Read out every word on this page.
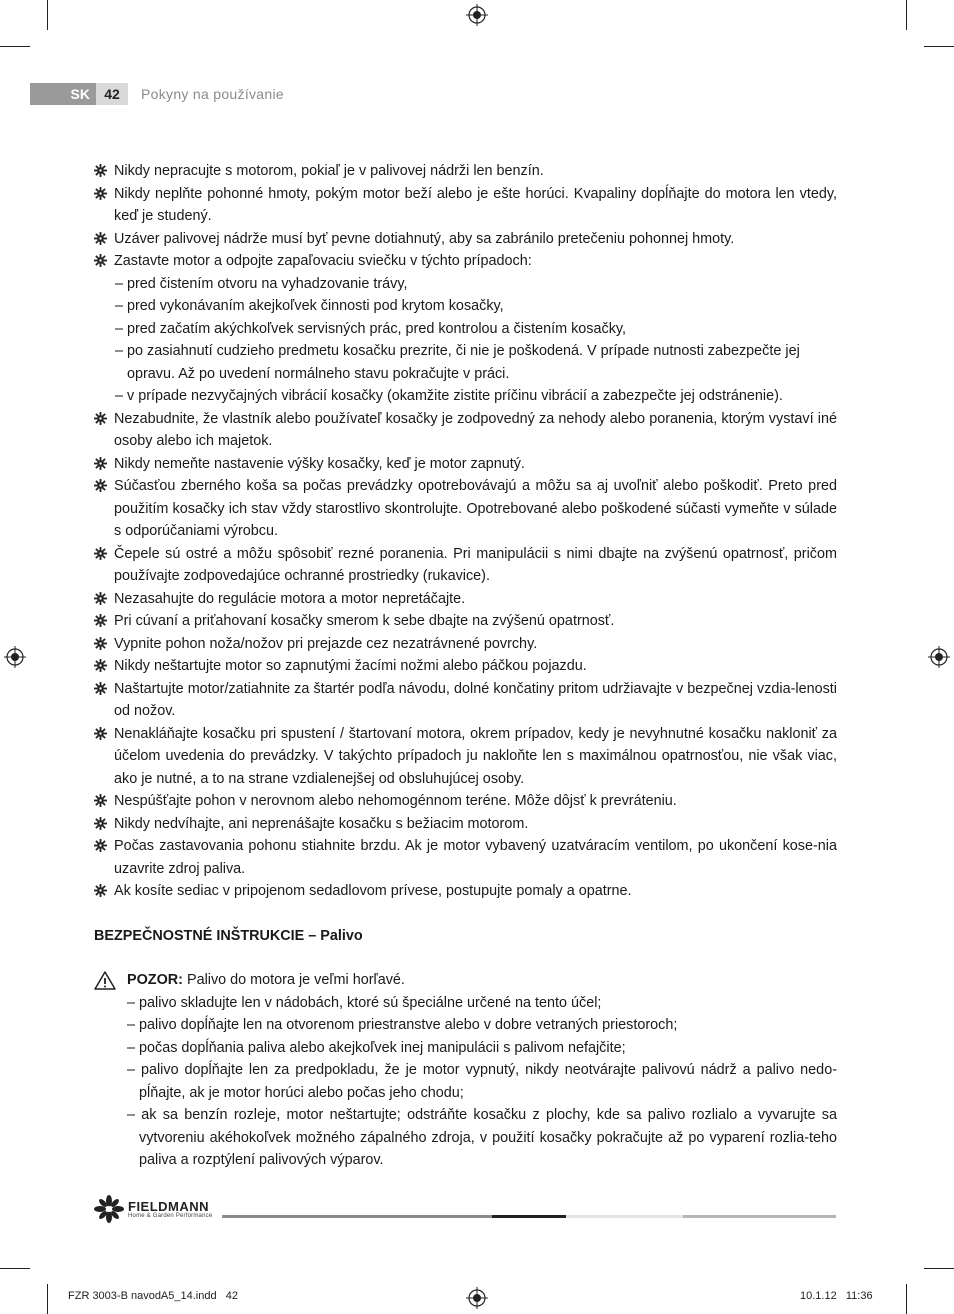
SK	42	Pokyny na používanie
Nikdy nepracujte s motorom, pokiaľ je v palivovej nádrži len benzín.
Nikdy neplňte pohonné hmoty, pokým motor beží alebo je ešte horúci. Kvapaliny dopĺňajte do motora len vtedy, keď je studený.
Uzáver palivovej nádrže musí byť pevne dotiahnutý, aby sa zabránilo pretečeniu pohonnej hmoty.
Zastavte motor a odpojte zapaľovaciu sviečku v týchto prípadoch:
– pred čistením otvoru na vyhadzovanie trávy,
– pred vykonávaním akejkoľvek činnosti pod krytom kosačky,
– pred začatím akýchkoľvek servisných prác, pred kontrolou a čistením kosačky,
– po zasiahnutí cudzieho predmetu kosačku prezrite, či nie je poškodená. V prípade nutnosti zabezpečte jej opravu. Až po uvedení normálneho stavu pokračujte v práci.
– v prípade nezvyčajných vibrácií kosačky (okamžite zistite príčinu vibrácií a zabezpečte jej odstránenie).
Nezabudnite, že vlastník alebo používateľ kosačky je zodpovedný za nehody alebo poranenia, ktorým vystaví iné osoby alebo ich majetok.
Nikdy nemeňte nastavenie výšky kosačky, keď je motor zapnutý.
Súčasťou zberného koša sa počas prevádzky opotrebovávajú a môžu sa aj uvoľniť alebo poškodiť. Preto pred použitím kosačky ich stav vždy starostlivo skontrolujte. Opotrebované alebo poškodené súčasti vymeňte v súlade s odporúčaniami výrobcu.
Čepele sú ostré a môžu spôsobiť rezné poranenia. Pri manipulácii s nimi dbajte na zvýšenú opatrnosť, pričom používajte zodpovedajúce ochranné prostriedky (rukavice).
Nezasahujte do regulácie motora a motor nepretáčajte.
Pri cúvaní a priťahovaní kosačky smerom k sebe dbajte na zvýšenú opatrnosť.
Vypnite pohon noža/nožov pri prejazde cez nezatrávnené povrchy.
Nikdy neštartujte motor so zapnutými žacími nožmi alebo páčkou pojazdu.
Naštartujte motor/zatiahnite za štartér podľa návodu, dolné končatiny pritom udržiavajte v bezpečnej vzdia-lenosti od nožov.
Nenakláňajte kosačku pri spustení / štartovaní motora, okrem prípadov, kedy je nevyhnutné kosačku nakloniť za účelom uvedenia do prevádzky. V takýchto prípadoch ju nakloňte len s maximálnou opatrnosťou, nie však viac, ako je nutné, a to na strane vzdialenejšej od obsluhujúcej osoby.
Nespúšťajte pohon v nerovnom alebo nehomogénnom teréne. Môže dôjsť k prevráteniu.
Nikdy nedvíhajte, ani neprenášajte kosačku s bežiacim motorom.
Počas zastavovania pohonu stiahnite brzdu. Ak je motor vybavený uzatváracím ventilom, po ukončení kose-nia uzavrite zdroj paliva.
Ak kosíte sediac v pripojenom sedadlovom prívese, postupujte pomaly a opatrne.
BEZPEČNOSTNÉ INŠTRUKCIE – Palivo
POZOR: Palivo do motora je veľmi horľavé.
– palivo skladujte len v nádobách, ktoré sú špeciálne určené na tento účel;
– palivo dopĺňajte len na otvorenom priestranstve alebo v dobre vetraných priestoroch;
– počas dopĺňania paliva alebo akejkoľvek inej manipulácii s palivom nefajčite;
– palivo dopĺňajte len za predpokladu, že je motor vypnutý, nikdy neotvárajte palivovú nádrž a palivo nedo-pĺňajte, ak je motor horúci alebo počas jeho chodu;
– ak sa benzín rozleje, motor neštartujte; odstráňte kosačku z plochy, kde sa palivo rozlialo a vyvarujte sa vytvoreniu akéhokoľvek možného zápalného zdroja, v použití kosačky pokračujte až po vyparení rozlia-teho paliva a rozptýlení palivových výparov.
FIELDMANN
Home & Garden Performance
FZR 3003-B navodA5_14.indd   42	10.1.12   11:36
